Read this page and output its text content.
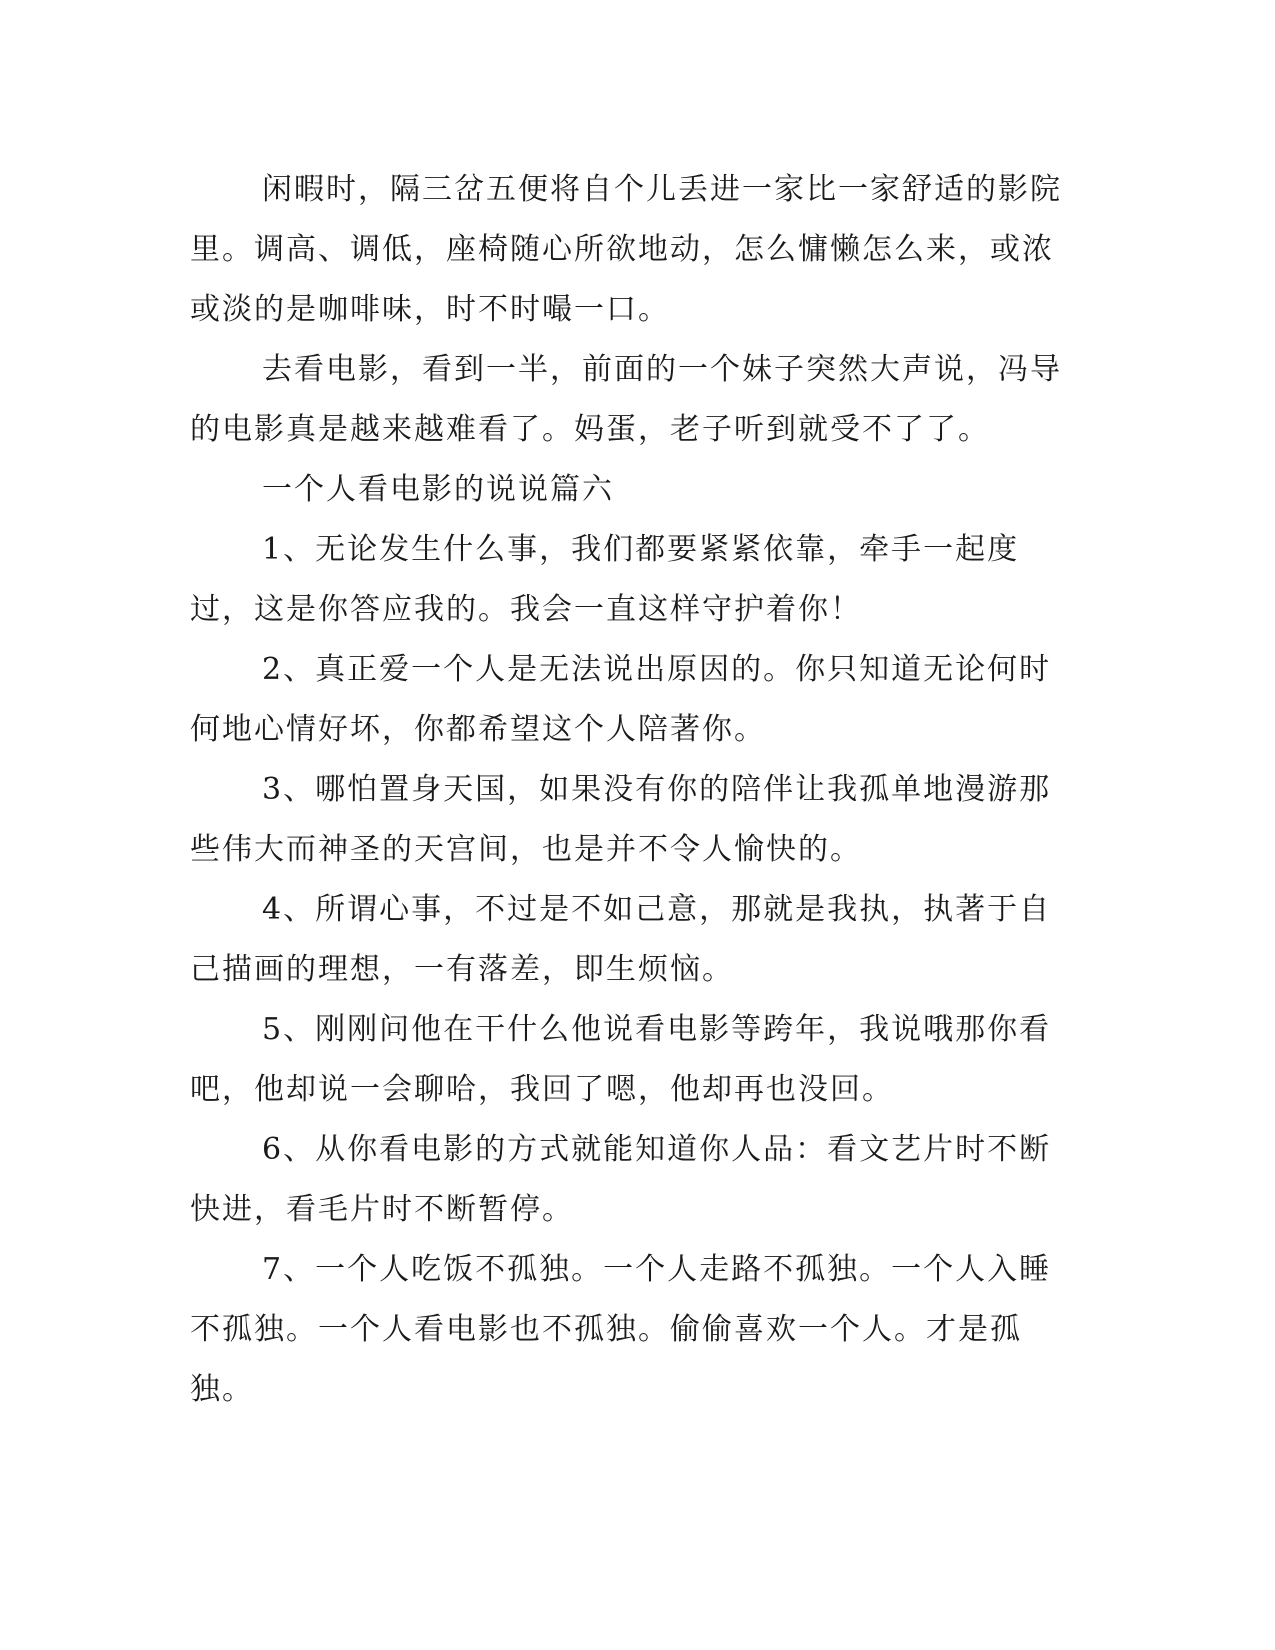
闲暇时，隔三岔五便将自个儿丢进一家比一家舒适的影院里。调高、调低，座椅随心所欲地动，怎么慵懒怎么来，或浓或淡的是咖啡味，时不时嘬一口。

去看电影，看到一半，前面的一个妹子突然大声说，冯导的电影真是越来越难看了。妈蛋，老子听到就受不了了。

一个人看电影的说说篇六

1、无论发生什么事，我们都要紧紧依靠，牵手一起度过，这是你答应我的。我会一直这样守护着你！

2、真正爱一个人是无法说出原因的。你只知道无论何时何地心情好坏，你都希望这个人陪著你。

3、哪怕置身天国，如果没有你的陪伴让我孤单地漫游那些伟大而神圣的天宫间，也是并不令人愉快的。

4、所谓心事，不过是不如己意，那就是我执，执著于自己描画的理想，一有落差，即生烦恼。

5、刚刚问他在干什么他说看电影等跨年，我说哦那你看吧，他却说一会聊哈，我回了嗯，他却再也没回。

6、从你看电影的方式就能知道你人品：看文艺片时不断快进，看毛片时不断暂停。

7、一个人吃饭不孤独。一个人走路不孤独。一个人入睡不孤独。一个人看电影也不孤独。偷偷喜欢一个人。才是孤独。
